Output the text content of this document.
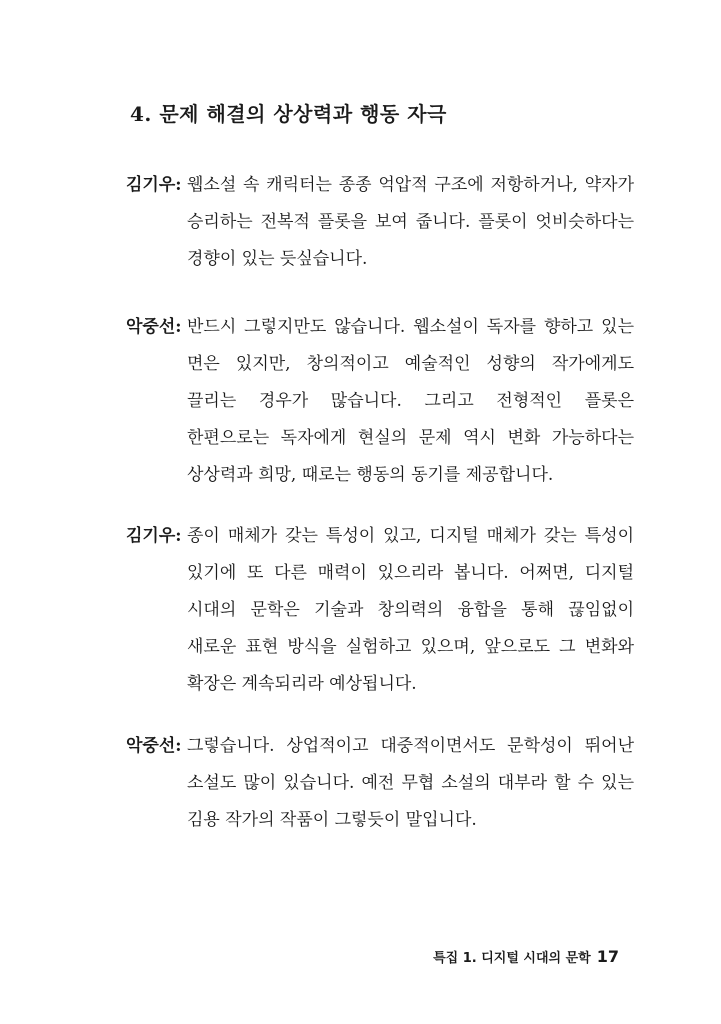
4. 문제 해결의 상상력과 행동 자극
김기우: 웹소설 속 캐릭터는 종종 억압적 구조에 저항하거나, 약자가 승리하는 전복적 플롯을 보여 줍니다. 플롯이 엇비슷하다는 경향이 있는 듯싶습니다.
악중선: 반드시 그렇지만도 않습니다. 웹소설이 독자를 향하고 있는 면은 있지만, 창의적이고 예술적인 성향의 작가에게도 끌리는 경우가 많습니다. 그리고 전형적인 플롯은 한편으로는 독자에게 현실의 문제 역시 변화 가능하다는 상상력과 희망, 때로는 행동의 동기를 제공합니다.
김기우: 종이 매체가 갖는 특성이 있고, 디지털 매체가 갖는 특성이 있기에 또 다른 매력이 있으리라 봅니다. 어쩌면, 디지털 시대의 문학은 기술과 창의력의 융합을 통해 끊임없이 새로운 표현 방식을 실험하고 있으며, 앞으로도 그 변화와 확장은 계속되리라 예상됩니다.
악중선: 그렇습니다. 상업적이고 대중적이면서도 문학성이 뛰어난 소설도 많이 있습니다. 예전 무협 소설의 대부라 할 수 있는 김용 작가의 작품이 그렇듯이 말입니다.
특집 1. 디지털 시대의 문학 17
